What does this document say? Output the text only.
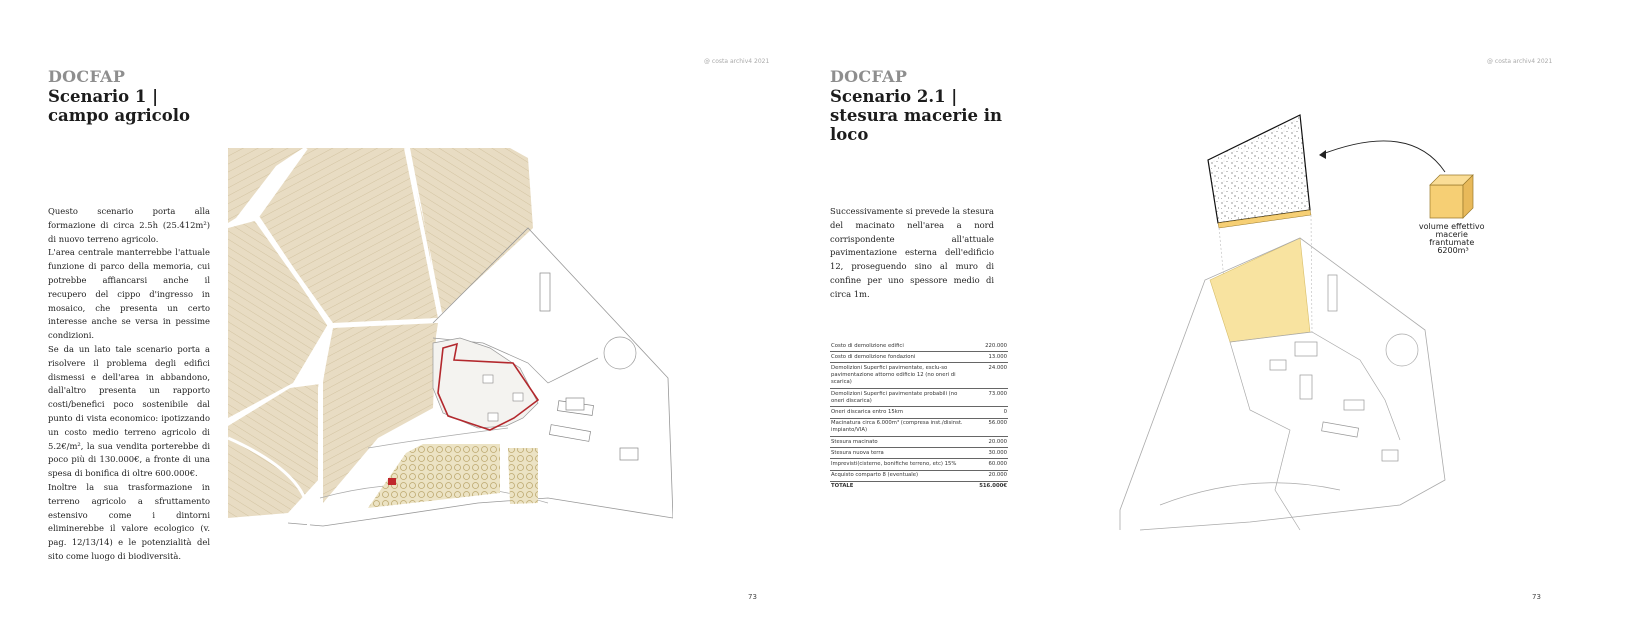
@ costa archiv4 2021
DOCFAP
Scenario 1 |
campo agricolo

Questo scenario porta alla formazione di circa 2.5h (25.412m²) di nuovo terreno agricolo.

L'area centrale manterrebbe l'attuale funzione di parco della memoria, cui potrebbe affiancarsi anche il recupero del cippo d'ingresso in mosaico, che presenta un certo interesse anche se versa in pessime condizioni.

Se da un lato tale scenario porta a risolvere il problema degli edifici dismessi e dell'area in abbandono, dall'altro presenta un rapporto costi/benefici poco sostenibile dal punto di vista economico: ipotizzando un costo medio terreno agricolo di 5.2€/m², la sua vendita porterebbe di poco più di 130.000€, a fronte di una spesa di bonifica di oltre 600.000€.

Inoltre la sua trasformazione in terreno agricolo a sfruttamento estensivo come i dintorni eliminerebbe il valore ecologico (v. pag. 12/13/14) e le potenzialità del sito come luogo di biodiversità.

73
@ costa archiv4 2021
DOCFAP
Scenario 2.1 |
stesura macerie in
loco

Successivamente si prevede la stesura del macinato nell'area a nord corrispondente all'attuale pavimentazione esterna dell'edificio 12, proseguendo sino al muro di confine per uno spessore medio di circa 1m.

Costo di demolizione edifici	220.000
Costo di demolizione fondazioni	13.000
Demolizioni Superfici pavimentate, esclu-so pavimentazione attorno edificio 12 (no oneri di scarica)	24.000
Demolizioni Superfici pavimentate probabili (no oneri discarica)	73.000
Oneri discarica entro 15km	0
Macinatura circa 6.000m³ (compresa inst./disinst. impianto/VIA)	56.000
Stesura macinato	20.000
Stesura nuova terra	30.000
Imprevisti(cisterne, bonifiche terreno, etc) 15%	60.000
Acquisto comparto 8 (eventuale)	20.000
TOTALE	516.000€
volume effettivo macerie frantumate 6200m³
73
